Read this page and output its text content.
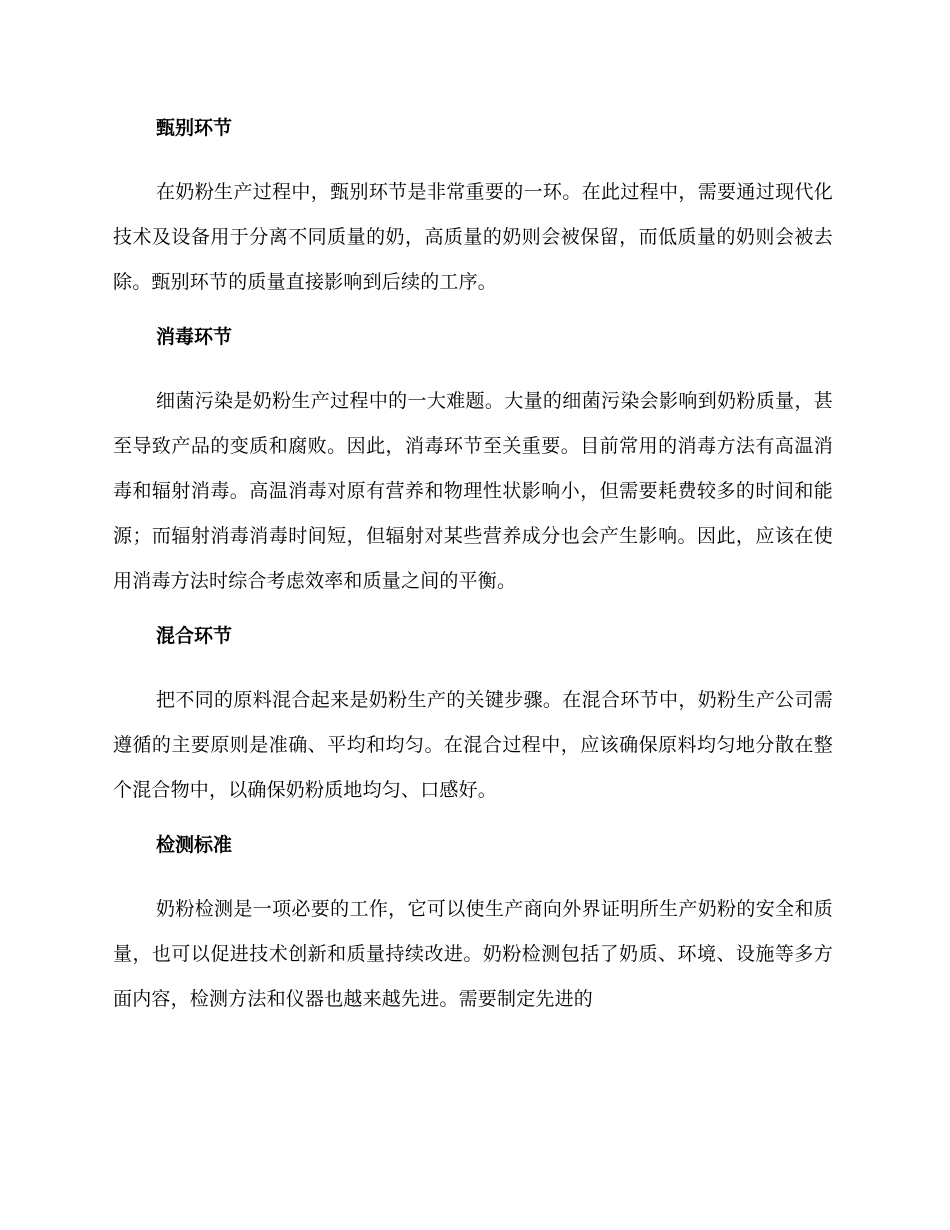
甄别环节

在奶粉生产过程中，甄别环节是非常重要的一环。在此过程中，需要通过现代化技术及设备用于分离不同质量的奶，高质量的奶则会被保留，而低质量的奶则会被去除。甄别环节的质量直接影响到后续的工序。

消毒环节

细菌污染是奶粉生产过程中的一大难题。大量的细菌污染会影响到奶粉质量，甚至导致产品的变质和腐败。因此，消毒环节至关重要。目前常用的消毒方法有高温消毒和辐射消毒。高温消毒对原有营养和物理性状影响小，但需要耗费较多的时间和能源；而辐射消毒消毒时间短，但辐射对某些营养成分也会产生影响。因此，应该在使用消毒方法时综合考虑效率和质量之间的平衡。

混合环节

把不同的原料混合起来是奶粉生产的关键步骤。在混合环节中，奶粉生产公司需遵循的主要原则是准确、平均和均匀。在混合过程中，应该确保原料均匀地分散在整个混合物中，以确保奶粉质地均匀、口感好。

检测标准

奶粉检测是一项必要的工作，它可以使生产商向外界证明所生产奶粉的安全和质量，也可以促进技术创新和质量持续改进。奶粉检测包括了奶质、环境、设施等多方面内容，检测方法和仪器也越来越先进。需要制定先进的
